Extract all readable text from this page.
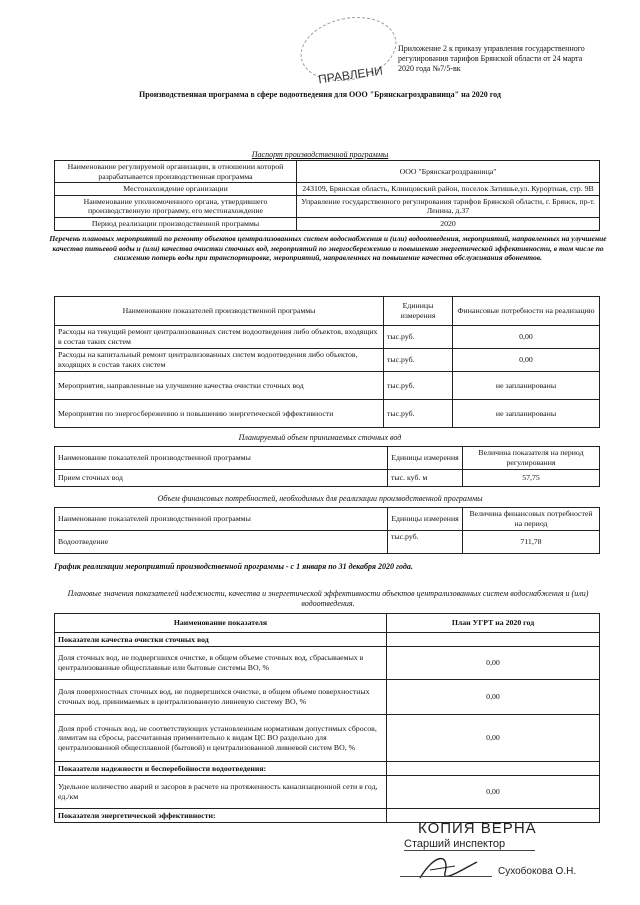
ПРАВЛЕНИ
Приложение 2 к приказу управления государственного
регулирования тарифов Брянской области от 24 марта
2020 года №7/5-вк
Производственная программа в сфере водоотведения для ООО "Брянскагроздравница" на 2020 год
Паспорт производственной программы
Наименование регулируемой организации, в отношении которой разрабатывается производственная программа	ООО "Брянскагроздравница"
Местонахождение организации	243109, Брянская область, Клинцовский район, поселок Затишье,ул. Курортная, стр. 9В
Наименование уполномоченного органа, утвердившего производственную программу, его местонахождение	Управление государственного регулирования тарифов Брянской области, г. Брянск, пр-т. Ленина, д.37
Период реализации производственной программы	2020
Перечень плановых мероприятий по ремонту объектов централизованных систем водоснабжения и (или) водоотведения, мероприятий, направленных на улучшение качества питьевой воды и (или) качества очистки сточных вод, мероприятий по энергосбережению и повышению энергетической эффективности, в том числе по снижению потерь воды при транспортировке, мероприятий, направленных на повышение качества обслуживания абонентов.
Наименование показателей производственной программы	Единицы измерения	Финансовые потребности на реализацию
Расходы на текущий ремонт централизованных систем водоотведения либо объектов, входящих в состав таких систем	тыс.руб.	0,00
Расходы на капитальный ремонт централизованных систем водоотведения либо объектов, входящих в состав таких систем	тыс.руб.	0,00
Мероприятия, направленные на улучшение качества очистки сточных вод	тыс.руб.	не запланированы
Мероприятия по энергосбережению и повышению энергетической эффективности	тыс.руб.	не запланированы
Планируемый объем принимаемых сточных вод
Наименование показателей производственной программы	Единицы измерения	Величина показателя на период регулирования
Прием сточных вод	тыс. куб. м	57,75
Объем финансовых потребностей, необходимых для реализации производственной программы
Наименование показателей производственной программы	Единицы измерения	Величина финансовых потребностей на период
Водоотведение	тыс.руб.	711,78
График реализации мероприятий производственной программы - с 1 января по 31 декабря 2020 года.
Плановые значения показателей надежности, качества и энергетической эффективности объектов централизованных систем водоснабжения и (или) водоотведения.
Наименование показателя	План УГРТ на 2020 год
Показатели качества очистки сточных вод	
Доля сточных вод, не подвергшихся очистке, в общем объеме сточных вод, сбрасываемых в централизованные общесплавные или бытовые системы ВО, %	0,00
Доля поверхностных сточных вод, не подвергшихся очистке, в общем объеме поверхностных сточных вод, принимаемых в централизованную ливневую систему ВО, %	0,00
Доля проб сточных вод, не соответствующих установленным нормативам допустимых сбросов, лимитам на сбросы, рассчитанная применительно к видам ЦС ВО раздельно для централизованной общесплавной (бытовой) и централизованной ливневой систем ВО, %	0,00
Показатели надежности и бесперебойности водоотведения:	
Удельное количество аварий и засоров в расчете на протяженность канализационной сети в год, ед./км	0,00
Показатели энергетической эффективности:	
КОПИЯ ВЕРНА
Старший инспектор
Сухобокова О.Н.
